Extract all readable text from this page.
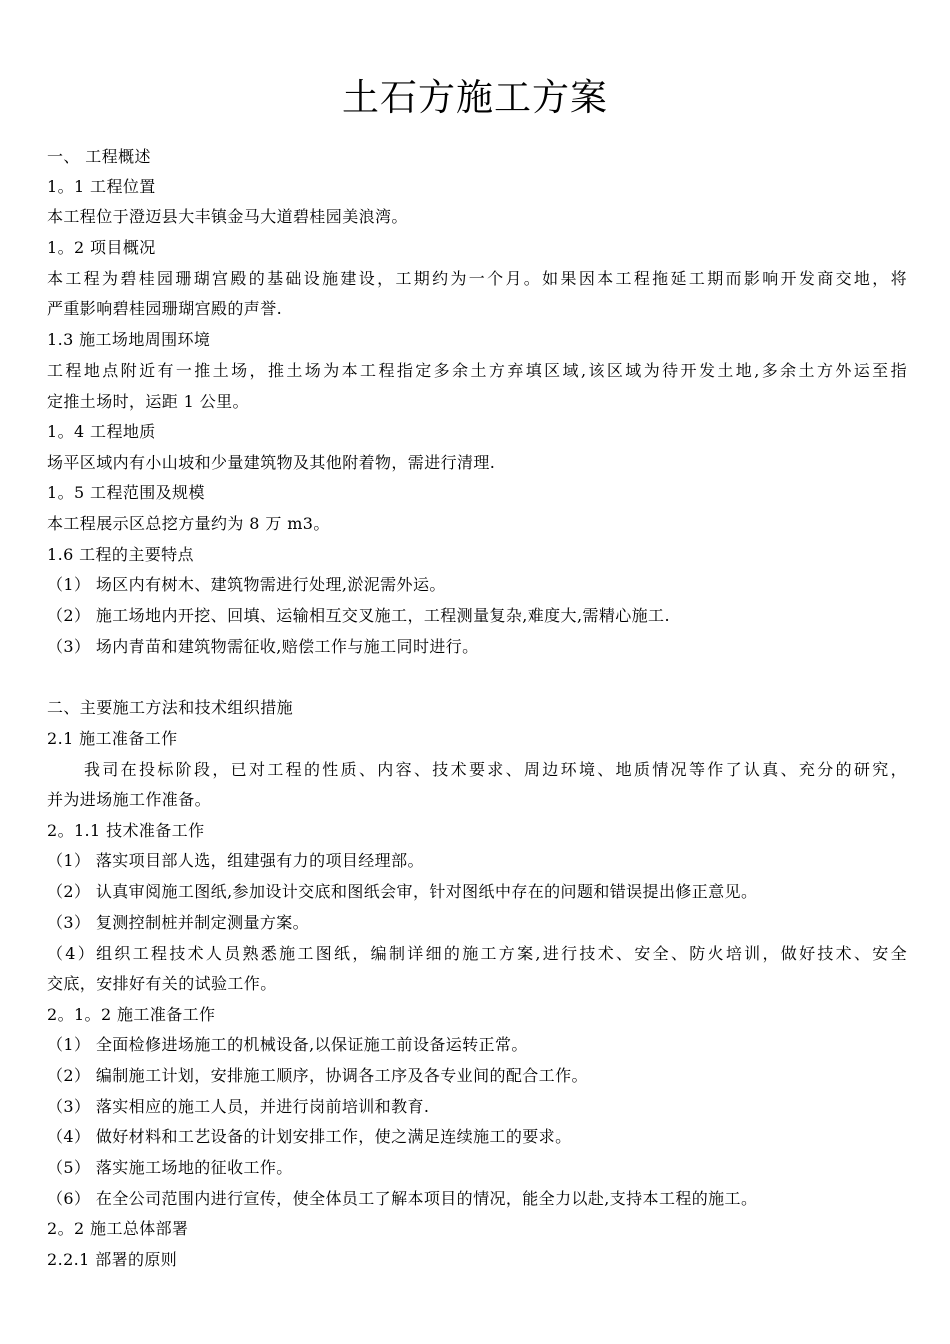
土石方施工方案
一、 工程概述
1。1 工程位置
本工程位于澄迈县大丰镇金马大道碧桂园美浪湾。
1。2 项目概况
本工程为碧桂园珊瑚宫殿的基础设施建设，工期约为一个月。如果因本工程拖延工期而影响开发商交地，将
严重影响碧桂园珊瑚宫殿的声誉.
1.3 施工场地周围环境
工程地点附近有一推土场，推土场为本工程指定多余土方弃填区域,该区域为待开发土地,多余土方外运至指
定推土场时，运距 1 公里。
1。4 工程地质
场平区域内有小山坡和少量建筑物及其他附着物，需进行清理.
1。5 工程范围及规模
本工程展示区总挖方量约为 8 万 m3。
1.6 工程的主要特点
（1） 场区内有树木、建筑物需进行处理,淤泥需外运。
（2） 施工场地内开挖、回填、运输相互交叉施工，工程测量复杂,难度大,需精心施工.
（3） 场内青苗和建筑物需征收,赔偿工作与施工同时进行。
二、主要施工方法和技术组织措施
2.1 施工准备工作
我司在投标阶段，已对工程的性质、内容、技术要求、周边环境、地质情况等作了认真、充分的研究，
并为进场施工作准备。
2。1.1 技术准备工作
（1） 落实项目部人选，组建强有力的项目经理部。
（2） 认真审阅施工图纸,参加设计交底和图纸会审，针对图纸中存在的问题和错误提出修正意见。
（3） 复测控制桩并制定测量方案。
（4）组织工程技术人员熟悉施工图纸，编制详细的施工方案,进行技术、安全、防火培训，做好技术、安全
交底，安排好有关的试验工作。
2。1。2 施工准备工作
（1） 全面检修进场施工的机械设备,以保证施工前设备运转正常。
（2） 编制施工计划，安排施工顺序，协调各工序及各专业间的配合工作。
（3） 落实相应的施工人员，并进行岗前培训和教育.
（4） 做好材料和工艺设备的计划安排工作，使之满足连续施工的要求。
（5） 落实施工场地的征收工作。
（6） 在全公司范围内进行宣传，使全体员工了解本项目的情况，能全力以赴,支持本工程的施工。
2。2 施工总体部署
2.2.1 部署的原则
